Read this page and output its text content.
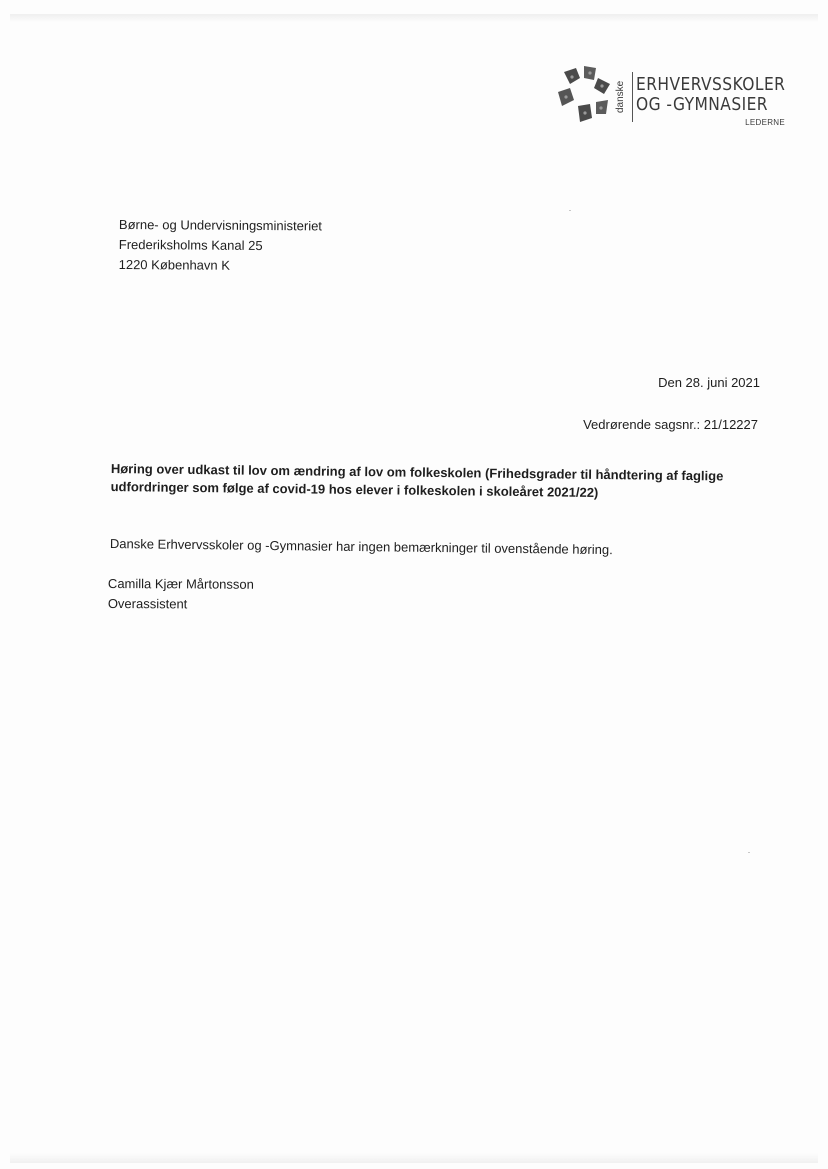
danske ERHVERVSSKOLER
OG -GYMNASIER
LEDERNE
Børne- og Undervisningsministeriet
Frederiksholms Kanal 25
1220 København K
Den 28. juni 2021
Vedrørende sagsnr.: 21/12227
Høring over udkast til lov om ændring af lov om folkeskolen (Frihedsgrader til håndtering af faglige udfordringer som følge af covid-19 hos elever i folkeskolen i skoleåret 2021/22)
Danske Erhvervsskoler og -Gymnasier har ingen bemærkninger til ovenstående høring.
Camilla Kjær Mårtonsson
Overassistent
